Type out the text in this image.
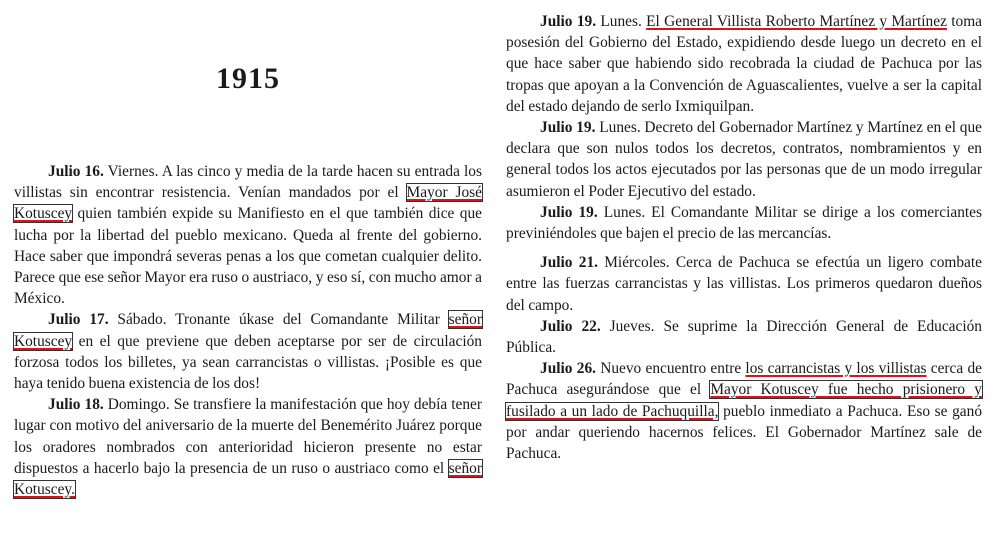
1915

Julio 16. Viernes. A las cinco y media de la tarde hacen su entrada los villistas sin encontrar resistencia. Venían mandados por el Mayor José Kotuscey quien también expide su Manifiesto en el que también dice que lucha por la libertad del pueblo mexicano. Queda al frente del gobierno. Hace saber que impondrá severas penas a los que cometan cualquier delito. Parece que ese señor Mayor era ruso o austriaco, y eso sí, con mucho amor a México.

Julio 17. Sábado. Tronante úkase del Comandante Militar señor Kotuscey en el que previene que deben aceptarse por ser de circulación forzosa todos los billetes, ya sean carrancistas o villistas. ¡Posible es que haya tenido buena existencia de los dos!

Julio 18. Domingo. Se transfiere la manifestación que hoy debía tener lugar con motivo del aniversario de la muerte del Benemérito Juárez porque los oradores nombrados con anterioridad hicieron presente no estar dispuestos a hacerlo bajo la presencia de un ruso o austriaco como el señor Kotuscey.

Julio 19. Lunes. El General Villista Roberto Martínez y Martínez toma posesión del Gobierno del Estado, expidiendo desde luego un decreto en el que hace saber que habiendo sido recobrada la ciudad de Pachuca por las tropas que apoyan a la Convención de Aguascalientes, vuelve a ser la capital del estado dejando de serlo Ixmiquilpan.

Julio 19. Lunes. Decreto del Gobernador Martínez y Martínez en el que declara que son nulos todos los decretos, contratos, nombramientos y en general todos los actos ejecutados por las personas que de un modo irregular asumieron el Poder Ejecutivo del estado.

Julio 19. Lunes. El Comandante Militar se dirige a los comerciantes previniéndoles que bajen el precio de las mercancías.

Julio 21. Miércoles. Cerca de Pachuca se efectúa un ligero combate entre las fuerzas carrancistas y las villistas. Los primeros quedaron dueños del campo.

Julio 22. Jueves. Se suprime la Dirección General de Educación Pública.

Julio 26. Nuevo encuentro entre los carrancistas y los villistas cerca de Pachuca asegurándose que el Mayor Kotuscey fue hecho prisionero y fusilado a un lado de Pachuquilla, pueblo inmediato a Pachuca. Eso se ganó por andar queriendo hacernos felices. El Gobernador Martínez sale de Pachuca.
